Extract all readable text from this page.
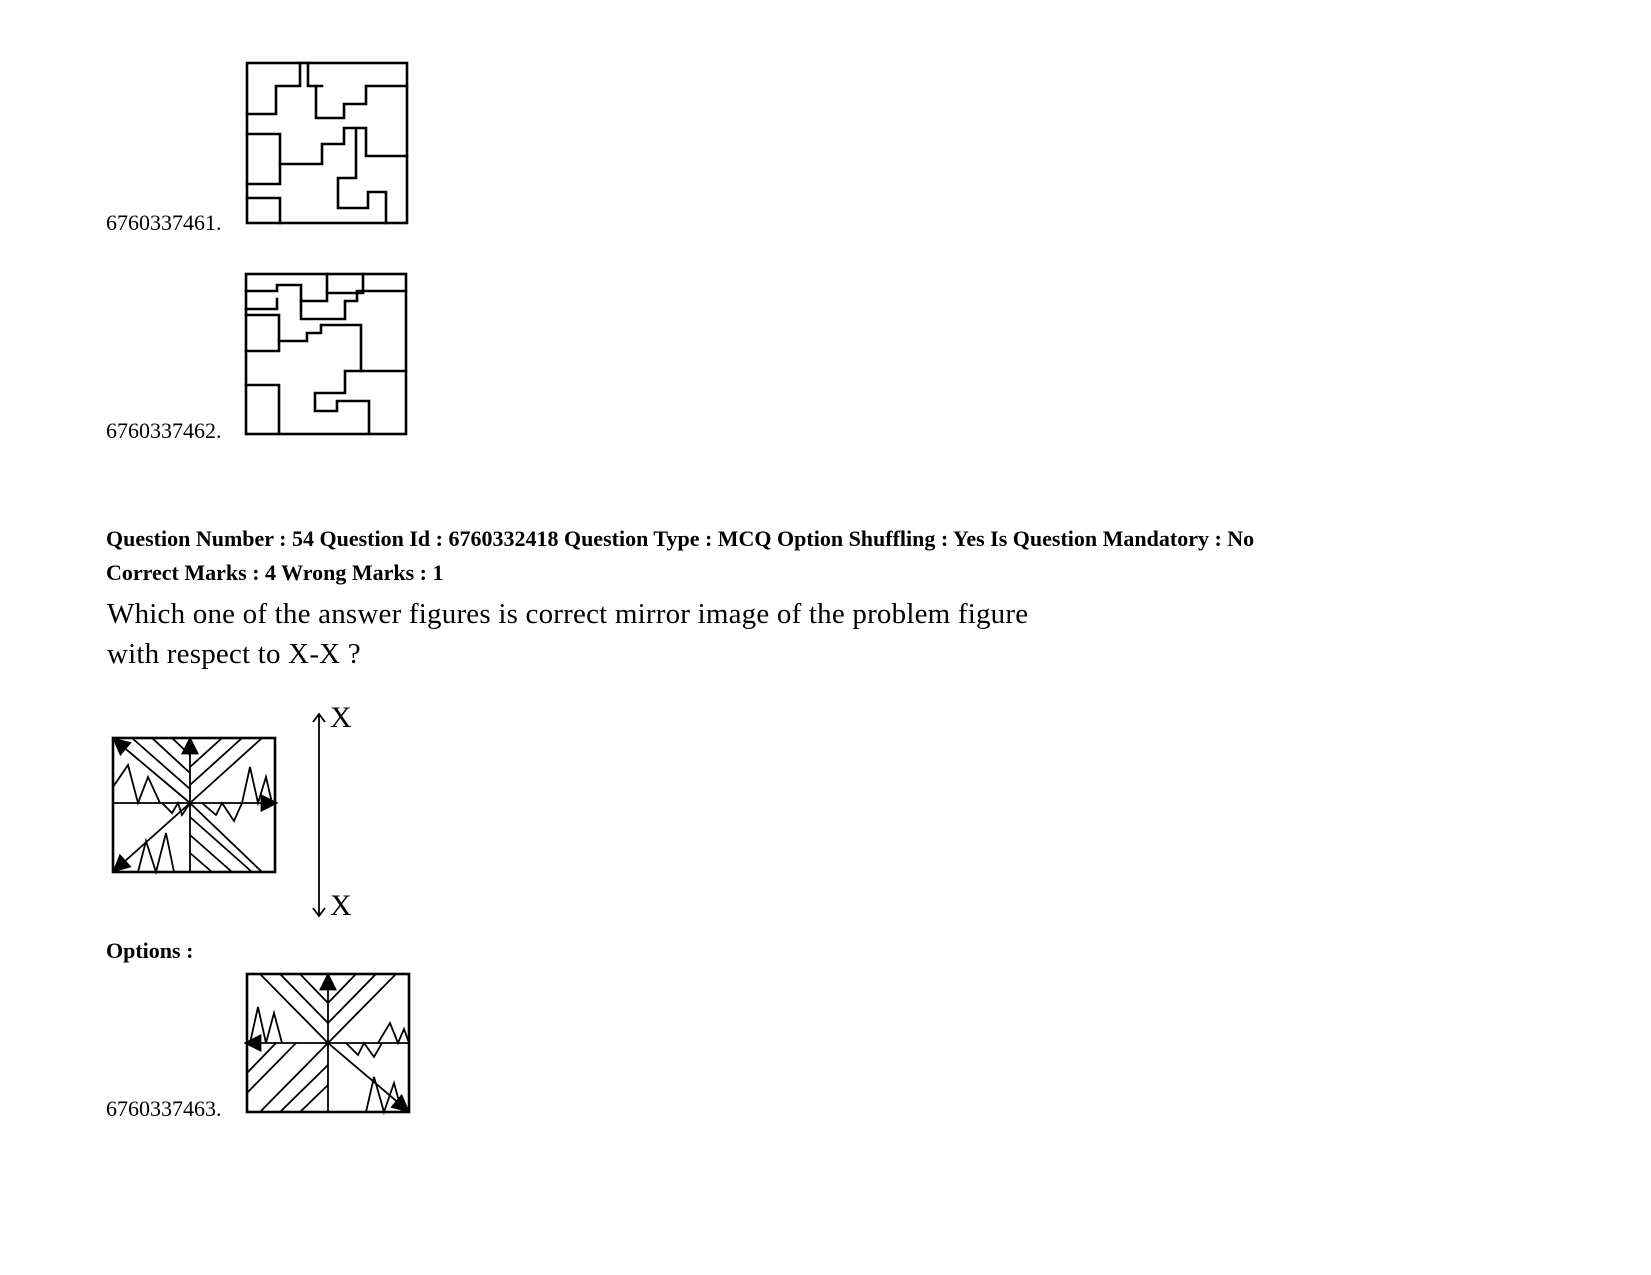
6760337461.
6760337462.
Question Number : 54 Question Id : 6760332418 Question Type : MCQ Option Shuffling : Yes Is Question Mandatory : No
Correct Marks : 4 Wrong Marks : 1
Which one of the answer figures is correct mirror image of the problem figure
with respect to X-X ?
X
X
Options :
6760337463.
